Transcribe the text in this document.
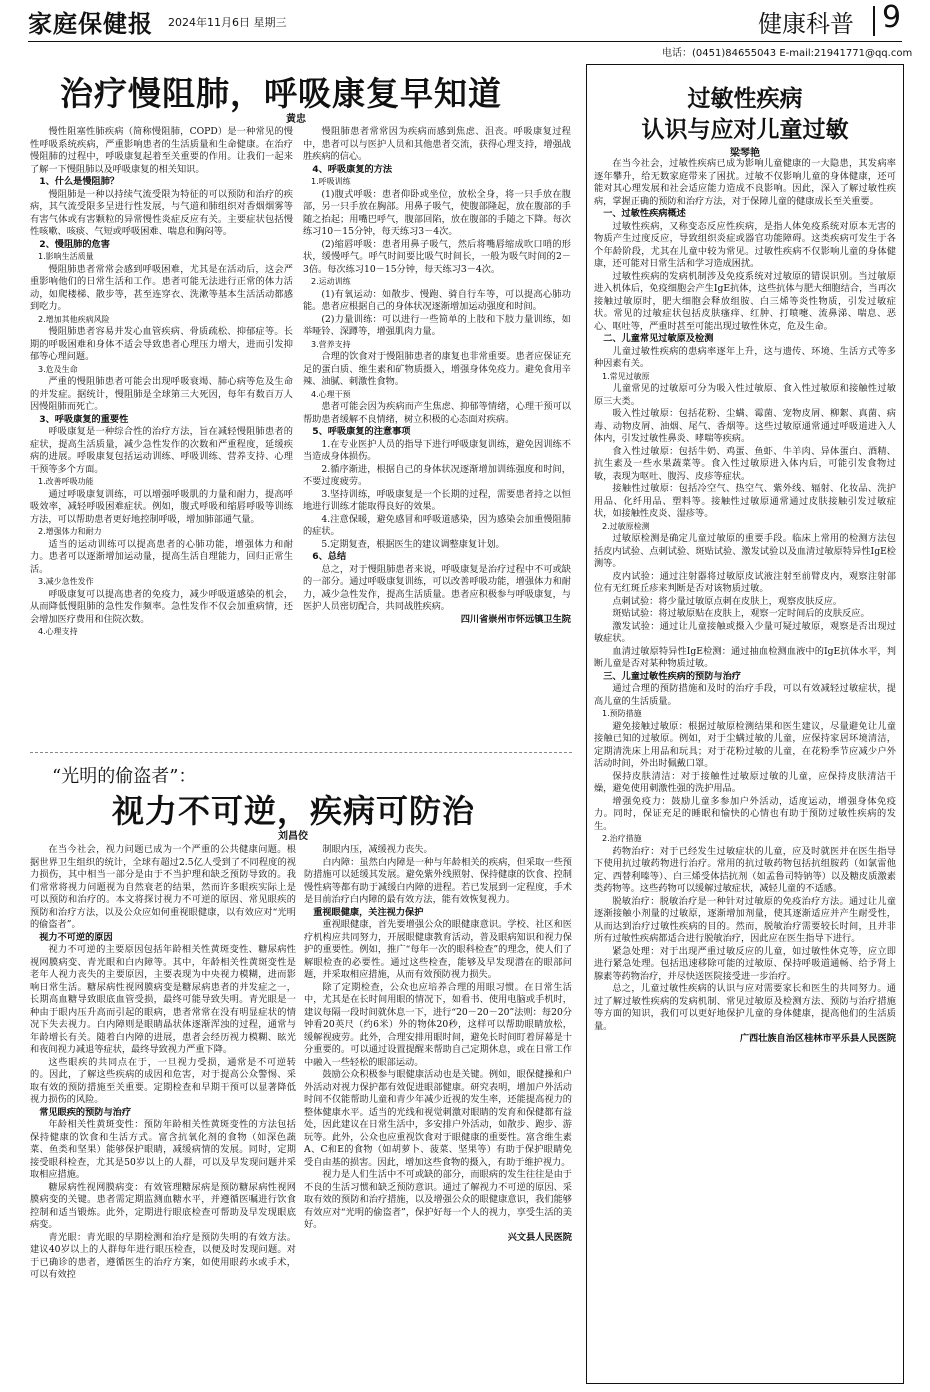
家庭保健报 2024年11月6日 星期三	健康科普 9
电话：(0451)84655043 E-mail:21941771@qq.com
治疗慢阻肺，呼吸康复早知道
黄忠

慢性阻塞性肺疾病（简称慢阻肺，COPD）是一种常见的慢性呼吸系统疾病，严重影响患者的生活质量和生命健康。在治疗慢阻肺的过程中，呼吸康复起着至关重要的作用。让我们一起来了解一下慢阻肺以及呼吸康复的相关知识。

1、什么是慢阻肺？

慢阻肺是一种以持续气流受限为特征的可以预防和治疗的疾病，其气流受限多呈进行性发展，与气道和肺组织对香烟烟雾等有害气体或有害颗粒的异常慢性炎症反应有关。主要症状包括慢性咳嗽、咳痰、气短或呼吸困难、喘息和胸闷等。

2、慢阻肺的危害

1.影响生活质量

慢阻肺患者常常会感到呼吸困难，尤其是在活动后，这会严重影响他们的日常生活和工作。患者可能无法进行正常的体力活动，如爬楼梯、散步等，甚至连穿衣、洗漱等基本生活活动都感到吃力。

2.增加其他疾病风险

慢阻肺患者容易并发心血管疾病、骨质疏松、抑郁症等。长期的呼吸困难和身体不适会导致患者心理压力增大，进而引发抑郁等心理问题。

3.危及生命

严重的慢阻肺患者可能会出现呼吸衰竭、肺心病等危及生命的并发症。据统计，慢阻肺是全球第三大死因，每年有数百万人因慢阻肺而死亡。

3、呼吸康复的重要性

呼吸康复是一种综合性的治疗方法，旨在减轻慢阻肺患者的症状，提高生活质量，减少急性发作的次数和严重程度，延缓疾病的进展。呼吸康复包括运动训练、呼吸训练、营养支持、心理干预等多个方面。

1.改善呼吸功能

通过呼吸康复训练，可以增强呼吸肌的力量和耐力，提高呼吸效率，减轻呼吸困难症状。例如，腹式呼吸和缩唇呼吸等训练方法，可以帮助患者更好地控制呼吸，增加肺部通气量。

2.增强体力和耐力

适当的运动训练可以提高患者的心肺功能，增强体力和耐力。患者可以逐渐增加运动量，提高生活自理能力，回归正常生活。

3.减少急性发作

呼吸康复可以提高患者的免疫力，减少呼吸道感染的机会，从而降低慢阻肺的急性发作频率。急性发作不仅会加重病情，还会增加医疗费用和住院次数。

4.心理支持

慢阻肺患者常常因为疾病而感到焦虑、沮丧。呼吸康复过程中，患者可以与医护人员和其他患者交流，获得心理支持，增强战胜疾病的信心。

4、呼吸康复的方法

1.呼吸训练

(1)腹式呼吸：患者仰卧或坐位，放松全身，将一只手放在腹部，另一只手放在胸部。用鼻子吸气，使腹部隆起，放在腹部的手随之抬起；用嘴巴呼气，腹部回陷，放在腹部的手随之下降。每次练习10－15分钟，每天练习3－4次。

(2)缩唇呼吸：患者用鼻子吸气，然后将嘴唇缩成吹口哨的形状，缓慢呼气。呼气时间要比吸气时间长，一般为吸气时间的2－3倍。每次练习10－15分钟，每天练习3－4次。

2.运动训练

(1)有氧运动：如散步、慢跑、骑自行车等，可以提高心肺功能。患者应根据自己的身体状况逐渐增加运动强度和时间。

(2)力量训练：可以进行一些简单的上肢和下肢力量训练，如举哑铃、深蹲等，增强肌肉力量。

3.营养支持

合理的饮食对于慢阻肺患者的康复也非常重要。患者应保证充足的蛋白质、维生素和矿物质摄入，增强身体免疫力。避免食用辛辣、油腻、刺激性食物。

4.心理干预

患者可能会因为疾病而产生焦虑、抑郁等情绪，心理干预可以帮助患者缓解不良情绪，树立积极的心态面对疾病。

5、呼吸康复的注意事项

1.在专业医护人员的指导下进行呼吸康复训练，避免因训练不当造成身体损伤。

2.循序渐进，根据自己的身体状况逐渐增加训练强度和时间，不要过度疲劳。

3.坚持训练，呼吸康复是一个长期的过程，需要患者持之以恒地进行训练才能取得良好的效果。

4.注意保暖，避免感冒和呼吸道感染，因为感染会加重慢阻肺的症状。

5.定期复查，根据医生的建议调整康复计划。

6、总结

总之，对于慢阻肺患者来说，呼吸康复是治疗过程中不可或缺的一部分。通过呼吸康复训练，可以改善呼吸功能，增强体力和耐力，减少急性发作，提高生活质量。患者应积极参与呼吸康复，与医护人员密切配合，共同战胜疾病。

四川省崇州市怀远镇卫生院

“光明的偷盗者”：
视力不可逆，疾病可防治
刘昌佼

在当今社会，视力问题已成为一个严重的公共健康问题。根据世界卫生组织的统计，全球有超过2.5亿人受到了不同程度的视力损伤，其中相当一部分是由于不当护理和缺乏预防导致的。我们常常将视力问题视为自然衰老的结果，然而许多眼疾实际上是可以预防和治疗的。本文将探讨视力不可逆的原因、常见眼疾的预防和治疗方法，以及公众应如何重视眼健康，以有效应对“光明的偷盗者”。

视力不可逆的原因

视力不可逆的主要原因包括年龄相关性黄斑变性、糖尿病性视网膜病变、青光眼和白内障等。其中，年龄相关性黄斑变性是老年人视力丧失的主要原因，主要表现为中央视力模糊，进而影响日常生活。糖尿病性视网膜病变是糖尿病患者的并发症之一，长期高血糖导致眼底血管受损，最终可能导致失明。青光眼是一种由于眼内压升高而引起的眼病，患者常常在没有明显症状的情况下失去视力。白内障则是眼睛晶状体逐渐浑浊的过程，通常与年龄增长有关。随着白内障的进展，患者会经历视力模糊、眩光和夜间视力减退等症状，最终导致视力严重下降。

这些眼疾的共同点在于，一旦视力受损，通常是不可逆转的。因此，了解这些疾病的成因和危害，对于提高公众警惕、采取有效的预防措施至关重要。定期检查和早期干预可以显著降低视力损伤的风险。

常见眼疾的预防与治疗

年龄相关性黄斑变性：预防年龄相关性黄斑变性的方法包括保持健康的饮食和生活方式。富含抗氧化剂的食物（如深色蔬菜、鱼类和坚果）能够保护眼睛，减缓病情的发展。同时，定期接受眼科检查，尤其是50岁以上的人群，可以及早发现问题并采取相应措施。

糖尿病性视网膜病变：有效管理糖尿病是预防糖尿病性视网膜病变的关键。患者需定期监测血糖水平，并遵循医嘱进行饮食控制和适当锻炼。此外，定期进行眼底检查可帮助及早发现眼底病变。

青光眼：青光眼的早期检测和治疗是预防失明的有效方法。建议40岁以上的人群每年进行眼压检查，以便及时发现问题。对于已确诊的患者，遵循医生的治疗方案，如使用眼药水或手术，可以有效控

制眼内压，减缓视力丧失。

白内障：虽然白内障是一种与年龄相关的疾病，但采取一些预防措施可以延缓其发展。避免紫外线照射、保持健康的饮食、控制慢性病等都有助于减缓白内障的进程。若已发展到一定程度，手术是目前治疗白内障的最有效方法，能有效恢复视力。

重视眼健康，关注视力保护

重视眼健康，首先要增强公众的眼健康意识。学校、社区和医疗机构应共同努力，开展眼健康教育活动，普及眼病知识和视力保护的重要性。例如，推广“每年一次的眼科检查”的理念，使人们了解眼检查的必要性。通过这些检查，能够及早发现潜在的眼部问题，并采取相应措施，从而有效预防视力损失。

除了定期检查，公众也应培养合理的用眼习惯。在日常生活中，尤其是在长时间用眼的情况下，如看书、使用电脑或手机时，建议每隔一段时间就休息一下，进行“20－20－20”法则：每20分钟看20英尺（约6米）外的物体20秒，这样可以帮助眼睛放松，缓解视疲劳。此外，合理安排用眼时间，避免长时间盯着屏幕是十分重要的。可以通过设置提醒来帮助自己定期休息，或在日常工作中融入一些轻松的眼部运动。

鼓励公众积极参与眼健康活动也是关键。例如，眼保健操和户外活动对视力保护都有效促进眼部健康。研究表明，增加户外活动时间不仅能帮助儿童和青少年减少近视的发生率，还能提高视力的整体健康水平。适当的光线和视觉刺激对眼睛的发育和保健都有益处，因此建议在日常生活中，多安排户外活动，如散步、跑步、游玩等。此外，公众也应重视饮食对于眼健康的重要性。富含维生素A、C和E的食物（如胡萝卜、菠菜、坚果等）有助于保护眼睛免受自由基的损害。因此，增加这些食物的摄入，有助于维护视力。

视力是人们生活中不可或缺的部分，而眼病的发生往往是由于不良的生活习惯和缺乏预防意识。通过了解视力不可逆的原因、采取有效的预防和治疗措施，以及增强公众的眼健康意识，我们能够有效应对“光明的偷盗者”，保护好每一个人的视力，享受生活的美好。

兴文县人民医院

过敏性疾病
认识与应对儿童过敏
梁琴艳

在当今社会，过敏性疾病已成为影响儿童健康的一大隐患，其发病率逐年攀升，给无数家庭带来了困扰。过敏不仅影响儿童的身体健康，还可能对其心理发展和社会适应能力造成不良影响。因此，深入了解过敏性疾病，掌握正确的预防和治疗方法，对于保障儿童的健康成长至关重要。

一、过敏性疾病概述

过敏性疾病，又称变态反应性疾病，是指人体免疫系统对原本无害的物质产生过度反应，导致组织炎症或器官功能障碍。这类疾病可发生于各个年龄阶段，尤其在儿童中较为常见。过敏性疾病不仅影响儿童的身体健康，还可能对日常生活和学习造成困扰。

过敏性疾病的发病机制涉及免疫系统对过敏原的错误识别。当过敏原进入机体后，免疫细胞会产生IgE抗体，这些抗体与肥大细胞结合，当再次接触过敏原时，肥大细胞会释放组胺、白三烯等炎性物质，引发过敏症状。常见的过敏症状包括皮肤瘙痒、红肿、打喷嚏、流鼻涕、喘息、恶心、呕吐等，严重时甚至可能出现过敏性休克，危及生命。

二、儿童常见过敏原及检测

儿童过敏性疾病的患病率逐年上升，这与遗传、环境、生活方式等多种因素有关。

1.常见过敏原

儿童常见的过敏原可分为吸入性过敏原、食入性过敏原和接触性过敏原三大类。

吸入性过敏原：包括花粉、尘螨、霉菌、宠物皮屑、柳絮、真菌、病毒、动物皮屑、油烟、尾气、香烟等。这些过敏原通常通过呼吸道进入人体内，引发过敏性鼻炎、哮喘等疾病。

食入性过敏原：包括牛奶、鸡蛋、鱼虾、牛羊肉、异体蛋白、酒精、抗生素及一些水果蔬菜等。食入性过敏原进入体内后，可能引发食物过敏，表现为呕吐、腹泻、皮疹等症状。

接触性过敏原：包括冷空气、热空气、紫外线、辐射、化妆品、洗护用品、化纤用品、塑料等。接触性过敏原通常通过皮肤接触引发过敏症状，如接触性皮炎、湿疹等。

2.过敏原检测

过敏原检测是确定儿童过敏原的重要手段。临床上常用的检测方法包括皮内试验、点刺试验、斑贴试验、激发试验以及血清过敏原特异性IgE检测等。

皮内试验：通过注射器将过敏原皮试液注射至前臂皮内，观察注射部位有无红斑丘疹来判断是否对该物质过敏。

点刺试验：将少量过敏原点刺在皮肤上，观察皮肤反应。

斑贴试验：将过敏原贴在皮肤上，观察一定时间后的皮肤反应。

激发试验：通过让儿童接触或摄入少量可疑过敏原，观察是否出现过敏症状。

血清过敏原特异性IgE检测：通过抽血检测血液中的IgE抗体水平，判断儿童是否对某种物质过敏。

三、儿童过敏性疾病的预防与治疗

通过合理的预防措施和及时的治疗手段，可以有效减轻过敏症状，提高儿童的生活质量。

1.预防措施

避免接触过敏原：根据过敏原检测结果和医生建议，尽量避免让儿童接触已知的过敏原。例如，对于尘螨过敏的儿童，应保持家居环境清洁，定期清洗床上用品和玩具；对于花粉过敏的儿童，在花粉季节应减少户外活动时间，外出时佩戴口罩。

保持皮肤清洁：对于接触性过敏原过敏的儿童，应保持皮肤清洁干燥，避免使用刺激性强的洗护用品。

增强免疫力：鼓励儿童多参加户外活动，适度运动，增强身体免疫力。同时，保证充足的睡眠和愉快的心情也有助于预防过敏性疾病的发生。

2.治疗措施

药物治疗：对于已经发生过敏症状的儿童，应及时就医并在医生指导下使用抗过敏药物进行治疗。常用的抗过敏药物包括抗组胺药（如氯雷他定、西替利嗪等）、白三烯受体拮抗剂（如孟鲁司特钠等）以及糖皮质激素类药物等。这些药物可以缓解过敏症状，减轻儿童的不适感。

脱敏治疗：脱敏治疗是一种针对过敏原的免疫治疗方法。通过让儿童逐渐接触小剂量的过敏原，逐渐增加剂量，使其逐渐适应并产生耐受性，从而达到治疗过敏性疾病的目的。然而，脱敏治疗需要较长时间，且并非所有过敏性疾病都适合进行脱敏治疗，因此应在医生指导下进行。

紧急处理：对于出现严重过敏反应的儿童，如过敏性休克等，应立即进行紧急处理。包括迅速移除可能的过敏原、保持呼吸道通畅、给予肾上腺素等药物治疗，并尽快送医院接受进一步治疗。

总之，儿童过敏性疾病的认识与应对需要家长和医生的共同努力。通过了解过敏性疾病的发病机制、常见过敏原及检测方法、预防与治疗措施等方面的知识，我们可以更好地保护儿童的身体健康，提高他们的生活质量。

广西壮族自治区桂林市平乐县人民医院
